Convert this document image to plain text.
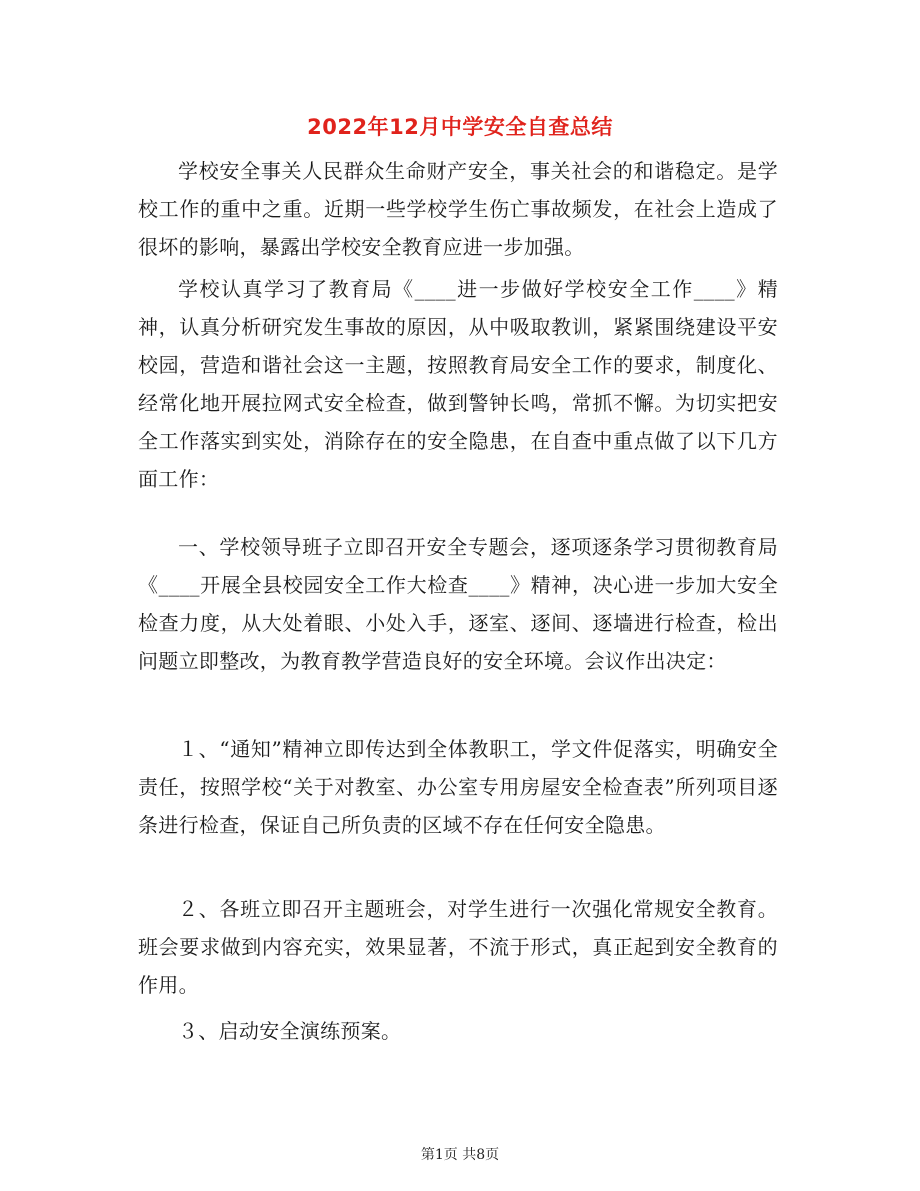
2022年12月中学安全自查总结

学校安全事关人民群众生命财产安全，事关社会的和谐稳定。是学校工作的重中之重。近期一些学校学生伤亡事故频发，在社会上造成了很坏的影响，暴露出学校安全教育应进一步加强。

学校认真学习了教育局《____进一步做好学校安全工作____》精神，认真分析研究发生事故的原因，从中吸取教训，紧紧围绕建设平安校园，营造和谐社会这一主题，按照教育局安全工作的要求，制度化、经常化地开展拉网式安全检查，做到警钟长鸣，常抓不懈。为切实把安全工作落实到实处，消除存在的安全隐患，在自查中重点做了以下几方面工作：

一、学校领导班子立即召开安全专题会，逐项逐条学习贯彻教育局《____开展全县校园安全工作大检查____》精神，决心进一步加大安全检查力度，从大处着眼、小处入手，逐室、逐间、逐墙进行检查，检出问题立即整改，为教育教学营造良好的安全环境。会议作出决定：

１、“通知”精神立即传达到全体教职工，学文件促落实，明确安全责任，按照学校“关于对教室、办公室专用房屋安全检查表”所列项目逐条进行检查，保证自己所负责的区域不存在任何安全隐患。

２、各班立即召开主题班会，对学生进行一次强化常规安全教育。班会要求做到内容充实，效果显著，不流于形式，真正起到安全教育的作用。

３、启动安全演练预案。

第1页 共8页
